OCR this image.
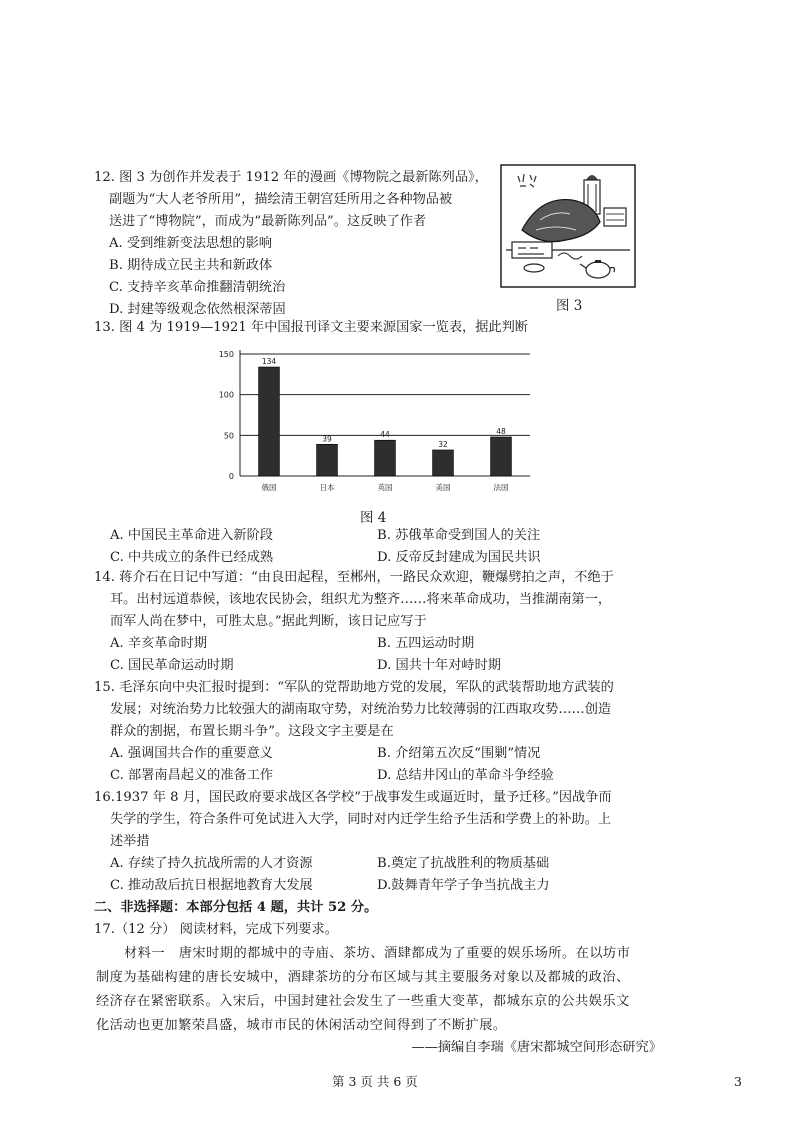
12. 图 3 为创作并发表于 1912 年的漫画《博物院之最新陈列品》，
副题为“大人老爷所用”，描绘清王朝宫廷所用之各种物品被
送进了“博物院”，而成为“最新陈列品”。这反映了作者
A. 受到维新变法思想的影响
B. 期待成立民主共和新政体
C. 支持辛亥革命推翻清朝统治
D. 封建等级观念依然根深蒂固	图 3
13. 图 4 为 1919—1921 年中国报刊译文主要来源国家一览表，据此判断
0
50
100
150
134
俄国
39
日本
44
英国
32
美国
48
法国
图 4
A. 中国民主革命进入新阶段	B. 苏俄革命受到国人的关注
C. 中共成立的条件已经成熟	D. 反帝反封建成为国民共识
14. 蒋介石在日记中写道：“由良田起程，至郴州，一路民众欢迎，鞭爆劈拍之声，不绝于
耳。出村远道恭候，该地农民协会，组织尤为整齐……将来革命成功，当推湖南第一，
而军人尚在梦中，可胜太息。”据此判断，该日记应写于
A. 辛亥革命时期	B. 五四运动时期
C. 国民革命运动时期	D. 国共十年对峙时期
15. 毛泽东向中央汇报时提到：“军队的党帮助地方党的发展，军队的武装帮助地方武装的
发展；对统治势力比较强大的湖南取守势，对统治势力比较薄弱的江西取攻势……创造
群众的割据，布置长期斗争”。这段文字主要是在
A. 强调国共合作的重要意义	B. 介绍第五次反“围剿”情况
C. 部署南昌起义的准备工作	D. 总结井冈山的革命斗争经验
16.1937 年 8 月，国民政府要求战区各学校“于战事发生或逼近时，量予迁移。”因战争而
失学的学生，符合条件可免试进入大学，同时对内迁学生给予生活和学费上的补助。上
述举措
A. 存续了持久抗战所需的人才资源	B.奠定了抗战胜利的物质基础
C. 推动敌后抗日根据地教育大发展	D.鼓舞青年学子争当抗战主力
二、非选择题：本部分包括 4 题，共计 52 分。
17.（12 分） 阅读材料，完成下列要求。
材料一　唐宋时期的都城中的寺庙、茶坊、酒肆都成为了重要的娱乐场所。在以坊市
制度为基础构建的唐长安城中，酒肆茶坊的分布区域与其主要服务对象以及都城的政治、
经济存在紧密联系。入宋后，中国封建社会发生了一些重大变革，都城东京的公共娱乐文
化活动也更加繁荣昌盛，城市市民的休闲活动空间得到了不断扩展。
——摘编自李瑞《唐宋都城空间形态研究》
第 3 页 共 6 页	3
